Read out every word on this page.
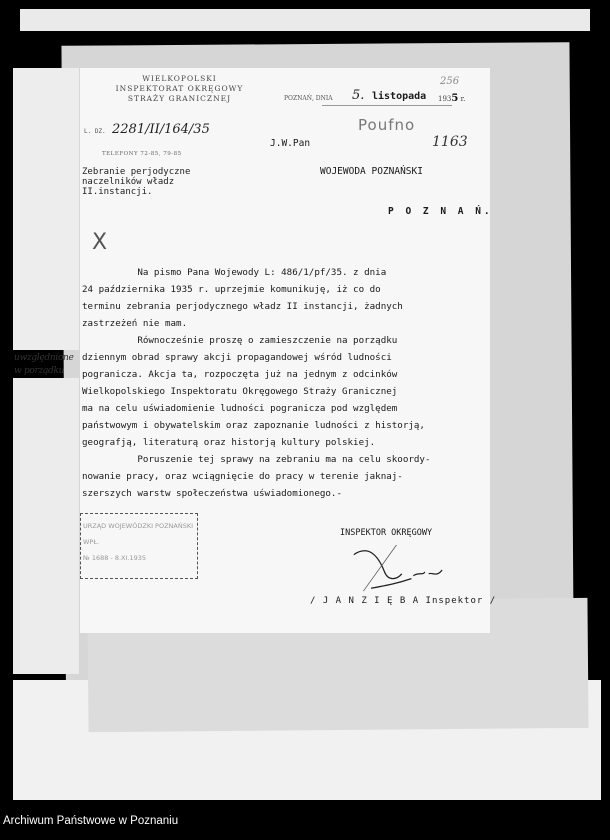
WIELKOPOLSKI
INSPEKTORAT OKRĘGOWY
STRAŻY GRANICZNEJ
L. DZ. 2281/II/164/35
TELEFONY 72-85, 79-85
Zebranie perjodyczne
naczelników władz
II.instancji.
POZNAŃ, DNIA 5. listopada 1935 r.
256
Poufno
1163
J.W.Pan
WOJEWODA POZNAŃSKI
P O Z N A Ń.
X
uwzględnione
w porządku
Na pismo Pana Wojewody L: 486/1/pf/35. z dnia
24 października 1935 r. uprzejmie komunikuję, iż co do
terminu zebrania perjodycznego władz II instancji, żadnych
zastrzeżeń nie mam.
Równocześnie proszę o zamieszczenie na porządku
dziennym obrad sprawy akcji propagandowej wśród ludności
pogranicza. Akcja ta, rozpoczęta już na jednym z odcinków
Wielkopolskiego Inspektoratu Okręgowego Straży Granicznej
ma na celu uświadomienie ludności pogranicza pod względem
państwowym i obywatelskim oraz zapoznanie ludności z historją,
geografją, literaturą oraz historją kultury polskiej.
Poruszenie tej sprawy na zebraniu ma na celu skoordy-
nowanie pracy, oraz wciągnięcie do pracy w terenie jaknaj-
szerszych warstw społeczeństwa uświadomionego.-
URZĄD WOJEWÓDZKI POZNAŃSKI
WPŁ.
№ 1688 - 8.XI.1935
INSPEKTOR OKRĘGOWY
/ J A N Z I Ę B A Inspektor /
Archiwum Państwowe w Poznaniu
